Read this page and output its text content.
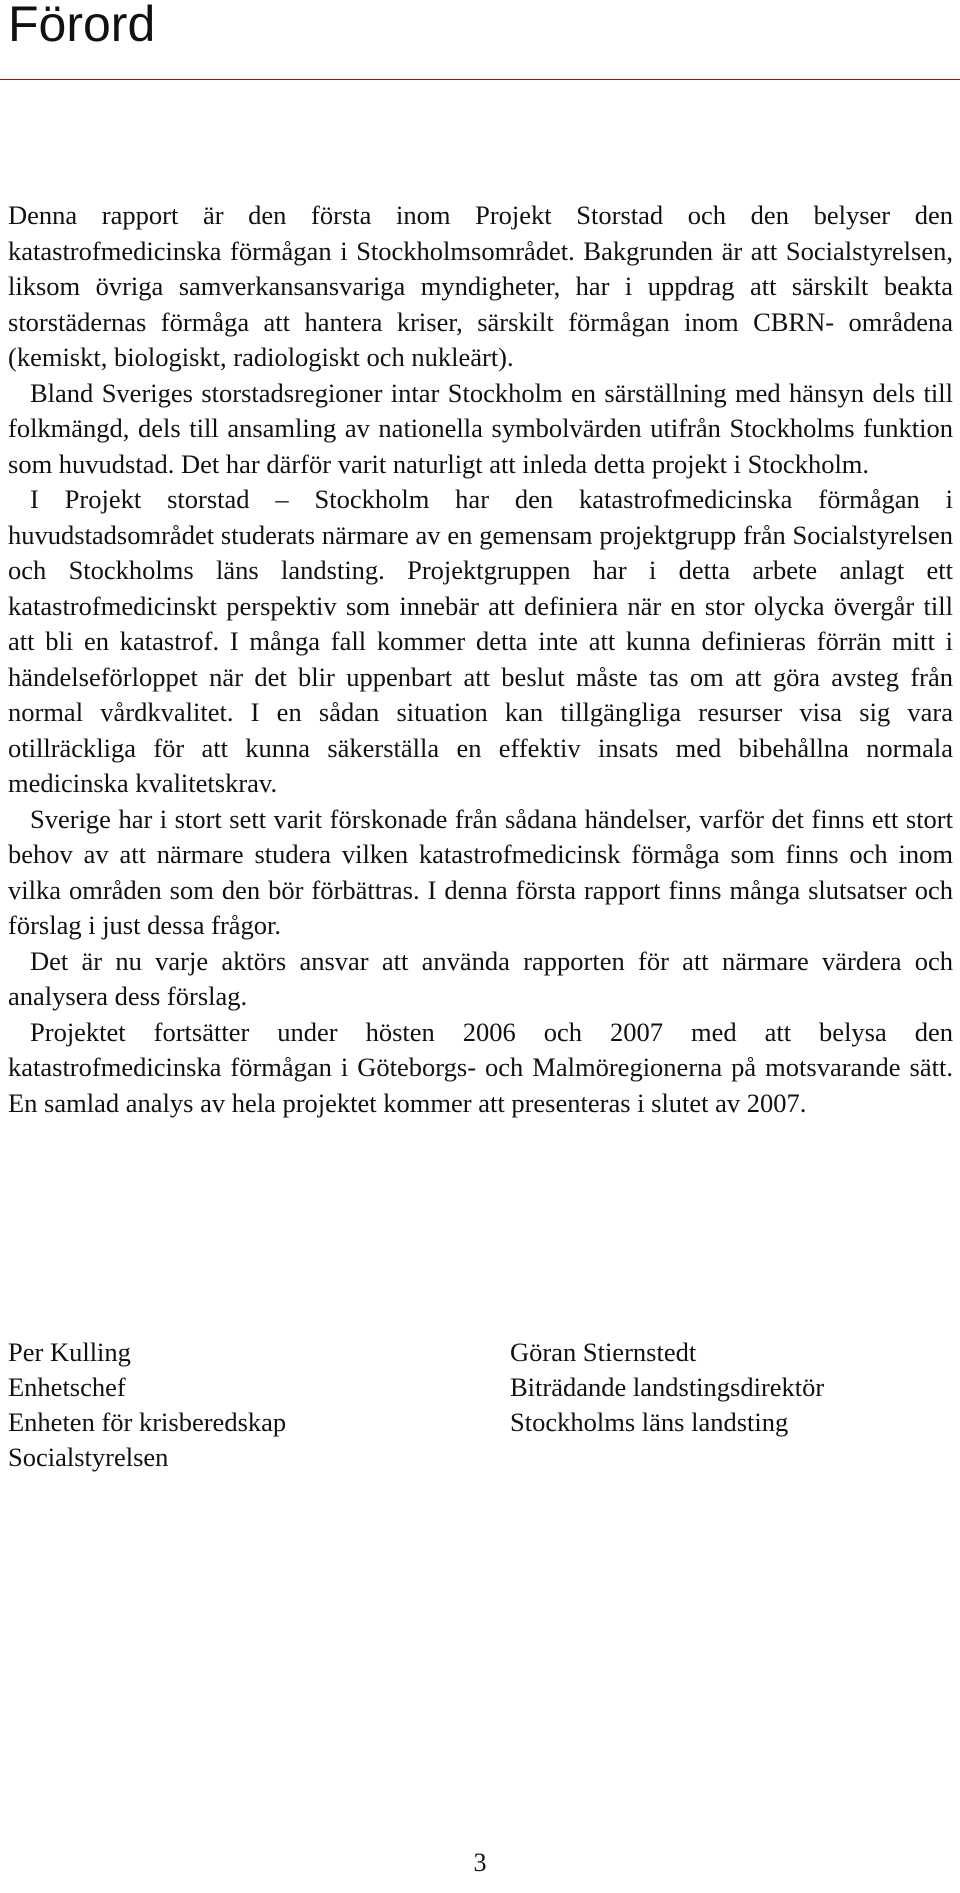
Förord

Denna rapport är den första inom Projekt Storstad och den belyser den katastrofmedicinska förmågan i Stockholmsområdet. Bakgrunden är att Socialstyrelsen, liksom övriga samverkansansvariga myndigheter, har i uppdrag att särskilt beakta storstädernas förmåga att hantera kriser, särskilt förmågan inom CBRN- områdena (kemiskt, biologiskt, radiologiskt och nukleärt).

Bland Sveriges storstadsregioner intar Stockholm en särställning med hänsyn dels till folkmängd, dels till ansamling av nationella symbolvärden utifrån Stockholms funktion som huvudstad. Det har därför varit naturligt att inleda detta projekt i Stockholm.

I Projekt storstad – Stockholm har den katastrofmedicinska förmågan i huvudstadsområdet studerats närmare av en gemensam projektgrupp från Socialstyrelsen och Stockholms läns landsting. Projektgruppen har i detta arbete anlagt ett katastrofmedicinskt perspektiv som innebär att definiera när en stor olycka övergår till att bli en katastrof. I många fall kommer detta inte att kunna definieras förrän mitt i händelseförloppet när det blir uppenbart att beslut måste tas om att göra avsteg från normal vårdkvalitet. I en sådan situation kan tillgängliga resurser visa sig vara otillräckliga för att kunna säkerställa en effektiv insats med bibehållna normala medicinska kvalitetskrav.

Sverige har i stort sett varit förskonade från sådana händelser, varför det finns ett stort behov av att närmare studera vilken katastrofmedicinsk förmåga som finns och inom vilka områden som den bör förbättras. I denna första rapport finns många slutsatser och förslag i just dessa frågor.

Det är nu varje aktörs ansvar att använda rapporten för att närmare värdera och analysera dess förslag.

Projektet fortsätter under hösten 2006 och 2007 med att belysa den katastrofmedicinska förmågan i Göteborgs- och Malmöregionerna på motsvarande sätt. En samlad analys av hela projektet kommer att presenteras i slutet av 2007.

Per Kulling
Enhetschef
Enheten för krisberedskap
Socialstyrelsen
Göran Stiernstedt
Biträdande landstingsdirektör
Stockholms läns landsting
3
